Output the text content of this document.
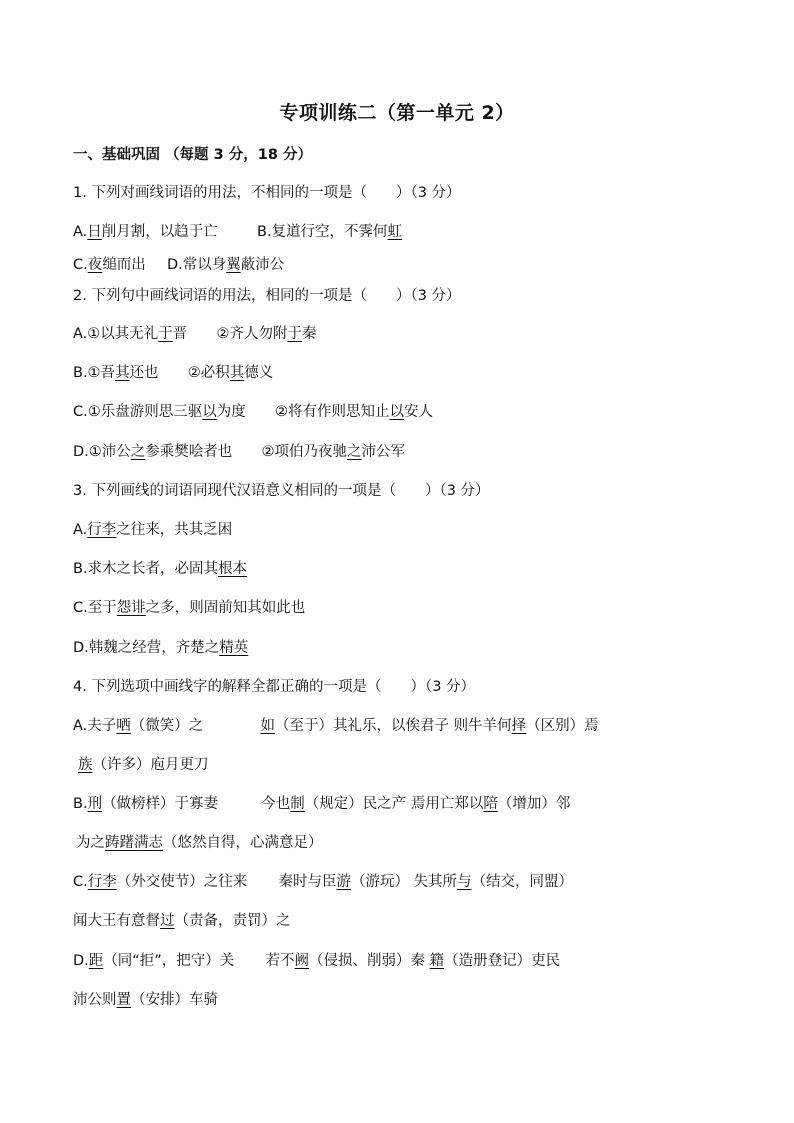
专项训练二（第一单元 2）
一、基础巩固 （每题 3 分，18 分）
1. 下列对画线词语的用法，不相同的一项是（　　）（3 分）
A.日削月割，以趋于亡	B.复道行空，不霁何虹
C.夜缒而出 D.常以身翼蔽沛公
2. 下列句中画线词语的用法，相同的一项是（　　）（3 分）
A.①以其无礼于晋 ②齐人勿附于秦
B.①吾其还也 ②必积其德义
C.①乐盘游则思三驱以为度 ②将有作则思知止以安人
D.①沛公之参乘樊哙者也 ②项伯乃夜驰之沛公军
3. 下列画线的词语同现代汉语意义相同的一项是（　　）（3 分）
A.行李之往来，共其乏困
B.求木之长者，必固其根本
C.至于怨诽之多，则固前知其如此也
D.韩魏之经营，齐楚之精英
4. 下列选项中画线字的解释全都正确的一项是（　　）（3 分）
A.夫子哂（微笑）之	如（至于）其礼乐，以俟君子 则牛羊何择（区别）焉
族（许多）庖月更刀
B.刑（做榜样）于寡妻	今也制（规定）民之产 焉用亡郑以陪（增加）邻
为之踌躇满志（悠然自得，心满意足）
C.行李（外交使节）之往来 秦时与臣游（游玩） 失其所与（结交，同盟）
闻大王有意督过（责备，责罚）之
D.距（同“拒”，把守）关 若不阙（侵损、削弱）秦 籍（造册登记）吏民
沛公则置（安排）车骑
